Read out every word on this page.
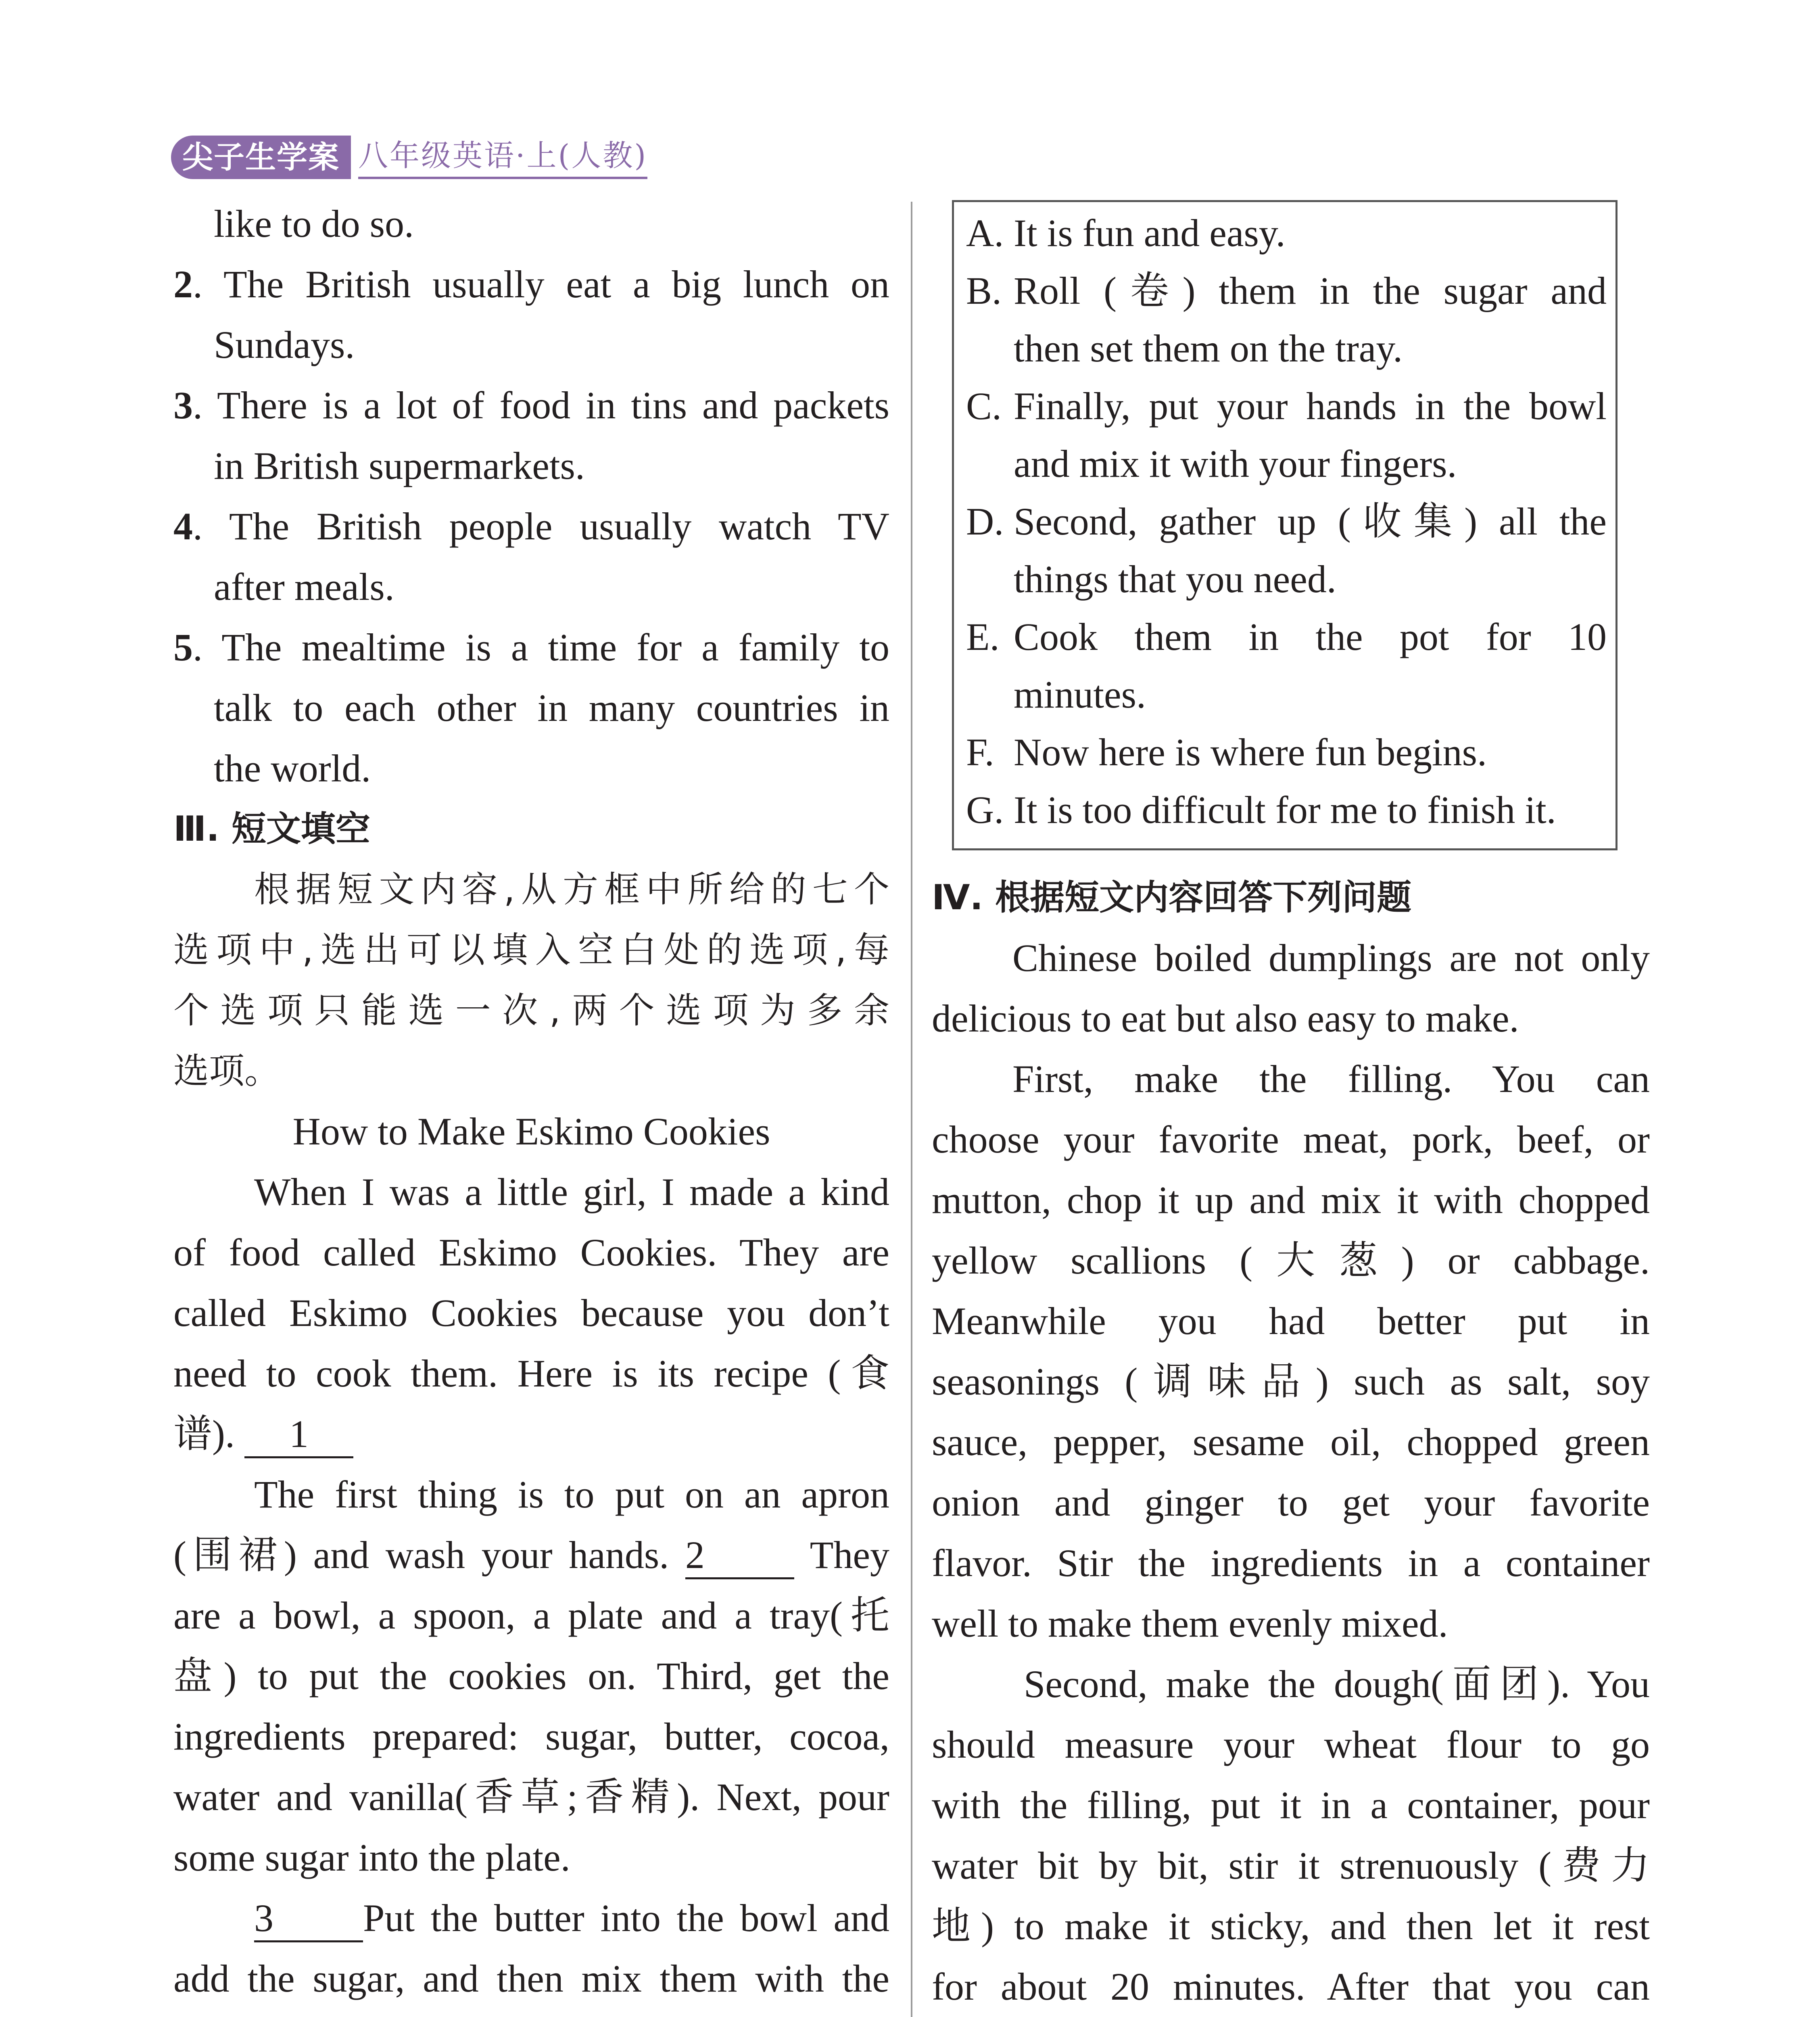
尖子生学案 八年级英语·上(人教)

like to do so.

2. The British usually eat a big lunch on

Sundays.

3. There is a lot of food in tins and packets

in British supermarkets.

4. The British people usually watch TV

after meals.

5. The mealtime is a time for a family to

talk to each other in many countries in

the world.

Ⅲ. 短文填空

根据短文内容,从方框中所给的七个

选项中,选出可以填入空白处的选项,每

个选项只能选一次,两个选项为多余

选项。

How to Make Eskimo Cookies

When I was a little girl, I made a kind

of food called Eskimo Cookies. They are

called Eskimo Cookies because you don’t

need to cook them. Here is its recipe (食

谱). 1

The first thing is to put on an apron

(围裙) and wash your hands. 2 They

are a bowl, a spoon, a plate and a tray(托

盘) to put the cookies on. Third, get the

ingredients prepared: sugar, butter, cocoa,

water and vanilla(香草;香精). Next, pour

some sugar into the plate.

3 Put the butter into the bowl and

add the sugar, and then mix them with the

A. It is fun and easy.

B. Roll (卷) them in the sugar and

then set them on the tray.

C. Finally, put your hands in the bowl

and mix it with your fingers.

D. Second, gather up (收集) all the

things that you need.

E. Cook them in the pot for 10

minutes.

F. Now here is where fun begins.

G. It is too difficult for me to finish it.

Ⅳ. 根据短文内容回答下列问题

Chinese boiled dumplings are not only

delicious to eat but also easy to make.

First, make the filling. You can

choose your favorite meat, pork, beef, or

mutton, chop it up and mix it with chopped

yellow scallions (大葱) or cabbage.

Meanwhile you had better put in

seasonings (调味品) such as salt, soy

sauce, pepper, sesame oil, chopped green

onion and ginger to get your favorite

flavor. Stir the ingredients in a container

well to make them evenly mixed.

Second, make the dough(面团). You

should measure your wheat flour to go

with the filling, put it in a container, pour

water bit by bit, stir it strenuously (费力

地) to make it sticky, and then let it rest

for about 20 minutes. After that you can
